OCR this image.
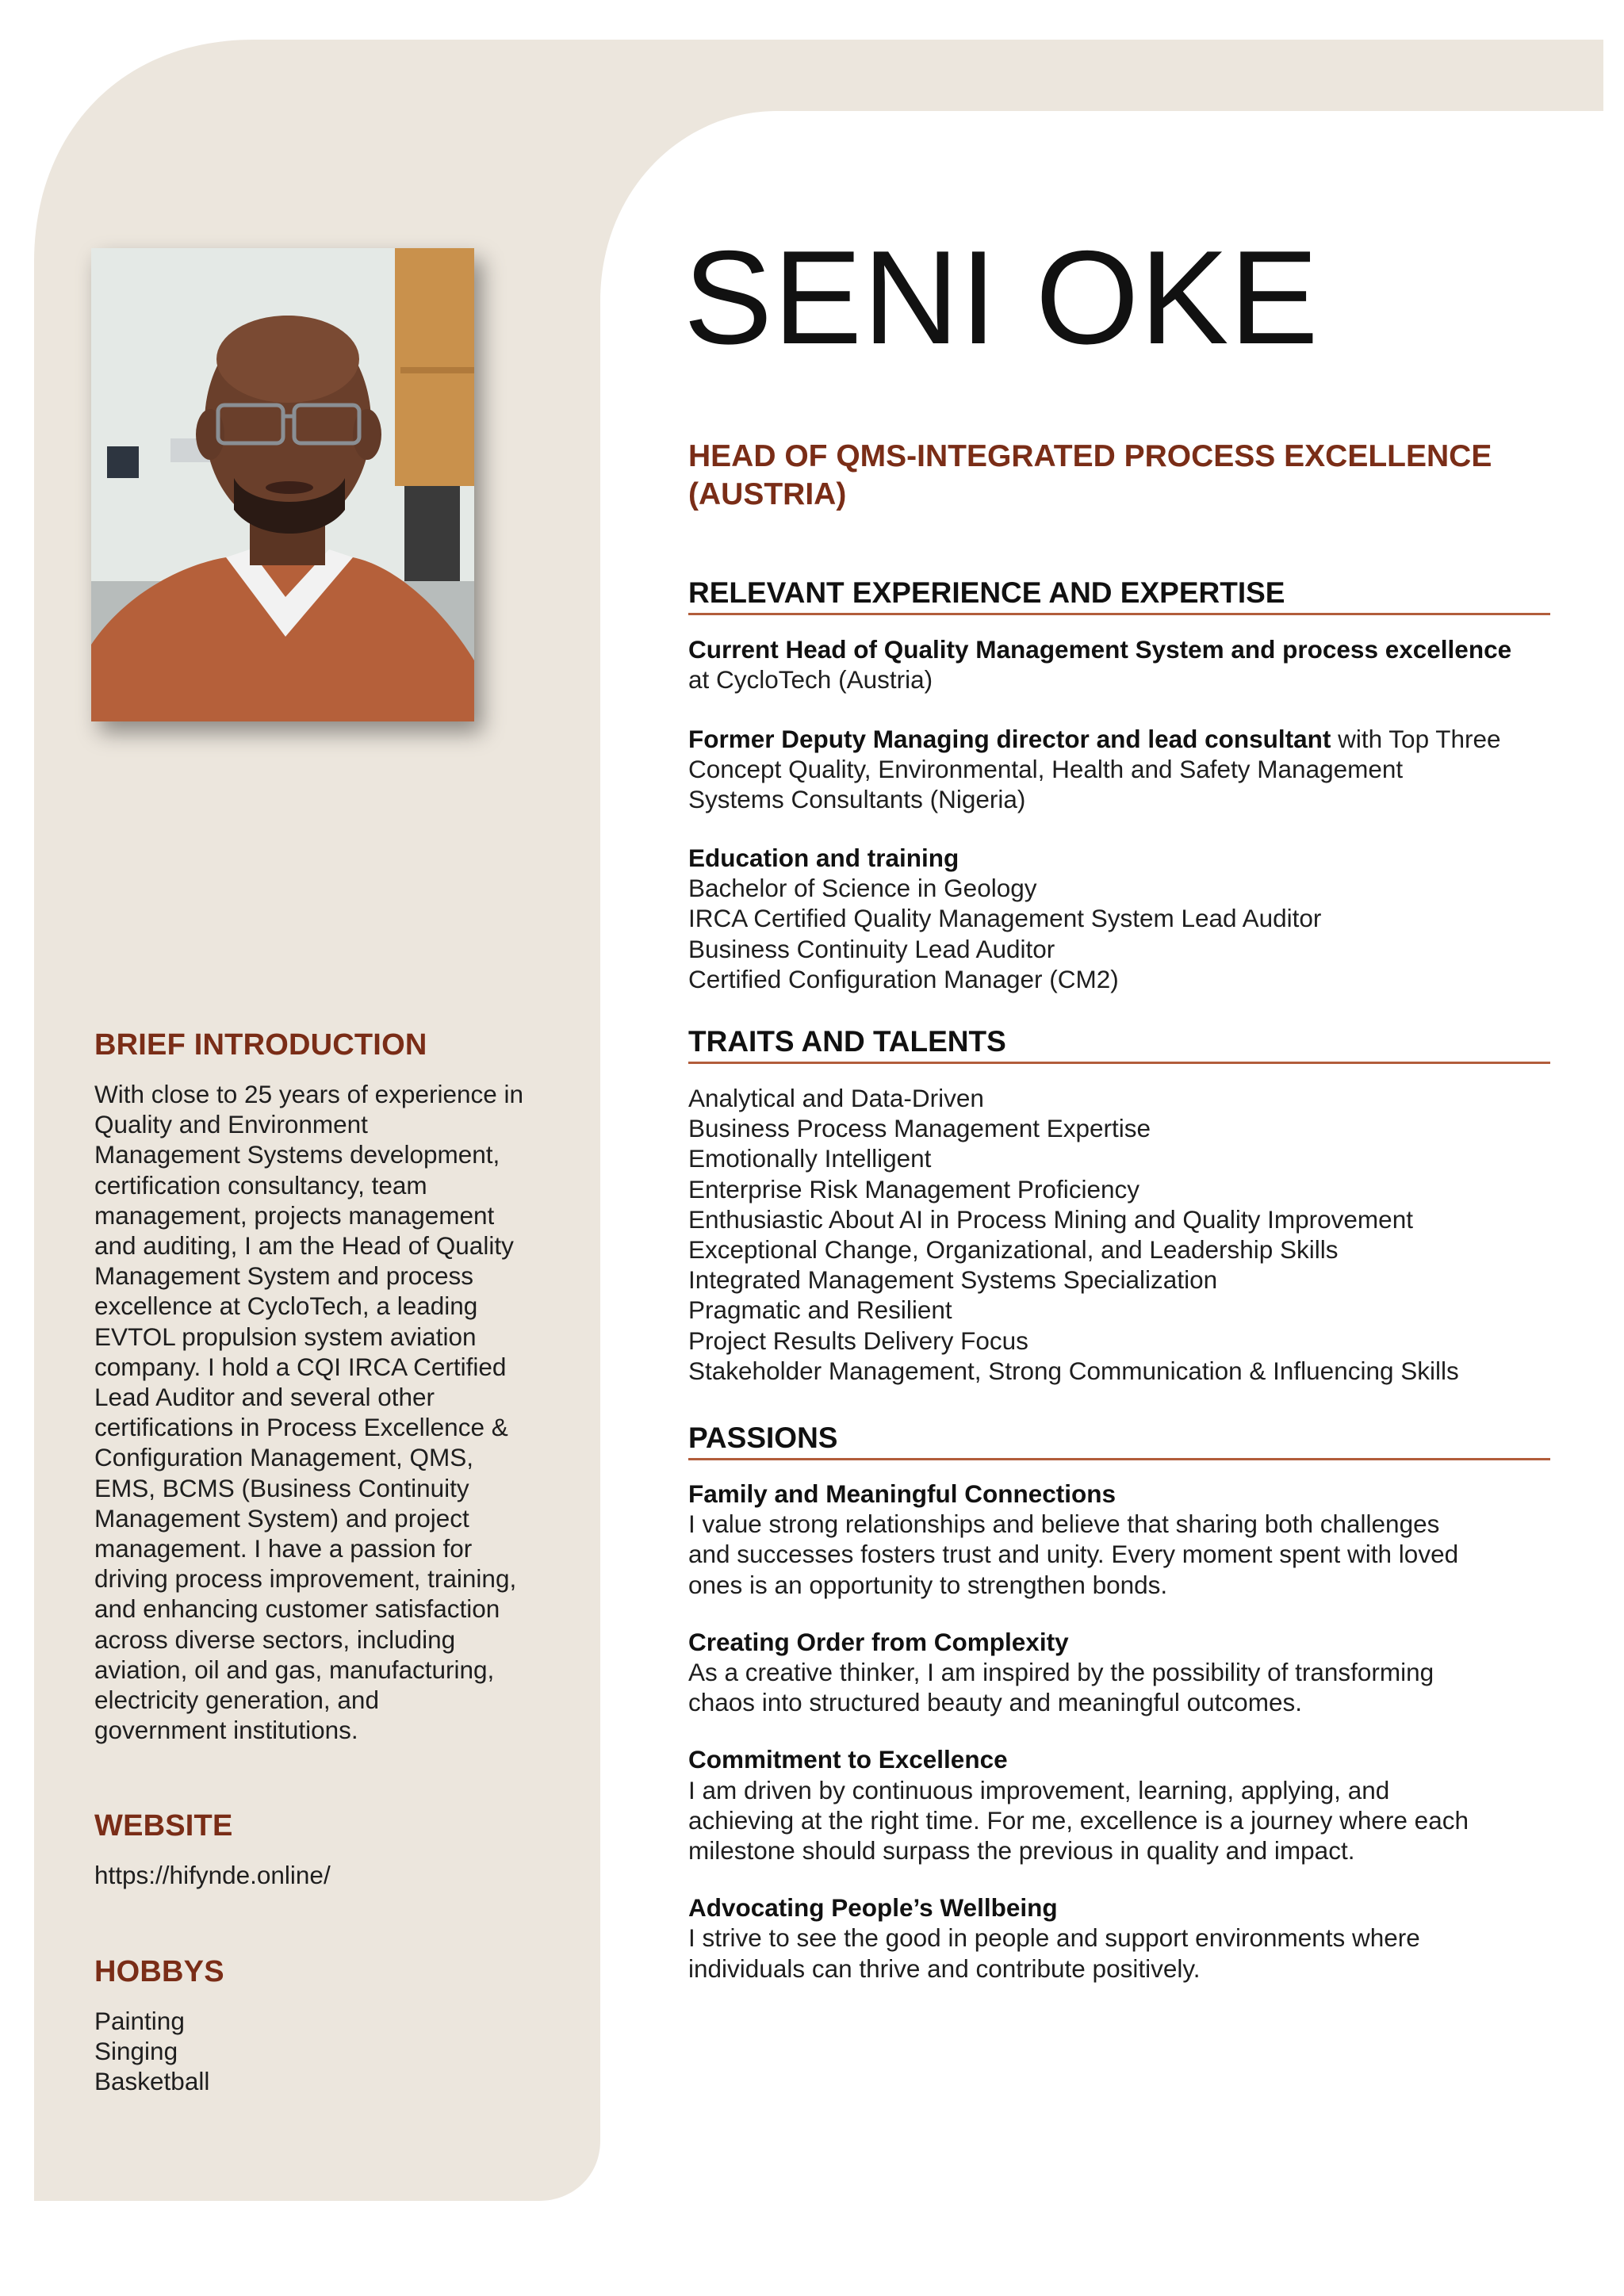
BRIEF INTRODUCTION
With close to 25 years of experience in
Quality and Environment
Management Systems development,
certification consultancy, team
management, projects management
and auditing, I am the Head of Quality
Management System and process
excellence at CycloTech, a leading
EVTOL propulsion system aviation
company. I hold a CQI IRCA Certified
Lead Auditor and several other
certifications in Process Excellence &
Configuration Management, QMS,
EMS, BCMS (Business Continuity
Management System) and project
management. I have a passion for
driving process improvement, training,
and enhancing customer satisfaction
across diverse sectors, including
aviation, oil and gas, manufacturing,
electricity generation, and
government institutions.
WEBSITE
https://hifynde.online/
HOBBYS
Painting
Singing
Basketball
SENI OKE
HEAD OF QMS-INTEGRATED PROCESS EXCELLENCE (AUSTRIA)
RELEVANT EXPERIENCE AND EXPERTISE
Current Head of Quality Management System and process excellence
at CycloTech (Austria)
Former Deputy Managing director and lead consultant with Top Three
Concept Quality, Environmental, Health and Safety Management
Systems Consultants (Nigeria)
Education and training
Bachelor of Science in Geology
IRCA Certified Quality Management System Lead Auditor
Business Continuity Lead Auditor
Certified Configuration Manager (CM2)
TRAITS AND TALENTS
Analytical and Data-Driven
Business Process Management Expertise
Emotionally Intelligent
Enterprise Risk Management Proficiency
Enthusiastic About AI in Process Mining and Quality Improvement
Exceptional Change, Organizational, and Leadership Skills
Integrated Management Systems Specialization
Pragmatic and Resilient
Project Results Delivery Focus
Stakeholder Management, Strong Communication & Influencing Skills
PASSIONS
Family and Meaningful Connections
I value strong relationships and believe that sharing both challenges
and successes fosters trust and unity. Every moment spent with loved
ones is an opportunity to strengthen bonds.
Creating Order from Complexity
As a creative thinker, I am inspired by the possibility of transforming
chaos into structured beauty and meaningful outcomes.
Commitment to Excellence
I am driven by continuous improvement, learning, applying, and
achieving at the right time. For me, excellence is a journey where each
milestone should surpass the previous in quality and impact.
Advocating People’s Wellbeing
I strive to see the good in people and support environments where
individuals can thrive and contribute positively.
